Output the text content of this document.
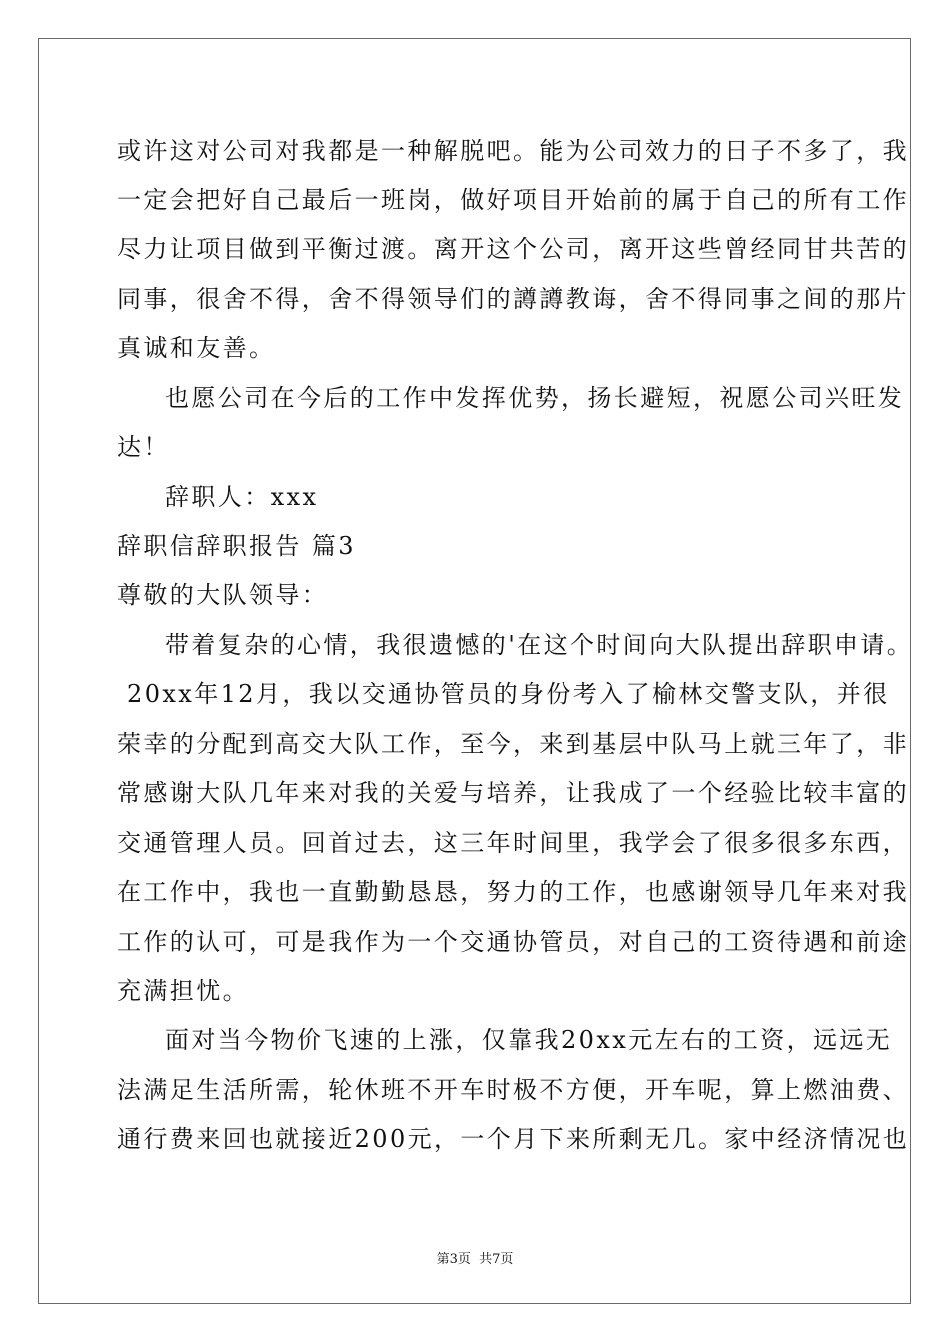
或许这对公司对我都是一种解脱吧。能为公司效力的日子不多了，我
一定会把好自己最后一班岗，做好项目开始前的属于自己的所有工作
尽力让项目做到平衡过渡。离开这个公司，离开这些曾经同甘共苦的
同事，很舍不得，舍不得领导们的譐譐教诲，舍不得同事之间的那片
真诚和友善。
也愿公司在今后的工作中发挥优势，扬长避短，祝愿公司兴旺发
达！
辞职人：xxx
辞职信辞职报告 篇3
尊敬的大队领导：
带着复杂的心情，我很遗憾的'在这个时间向大队提出辞职申请。
20xx年12月，我以交通协管员的身份考入了榆林交警支队，并很
荣幸的分配到高交大队工作，至今，来到基层中队马上就三年了，非
常感谢大队几年来对我的关爱与培养，让我成了一个经验比较丰富的
交通管理人员。回首过去，这三年时间里，我学会了很多很多东西，
在工作中，我也一直勤勤恳恳，努力的工作，也感谢领导几年来对我
工作的认可，可是我作为一个交通协管员，对自己的工资待遇和前途
充满担忧。
面对当今物价飞速的上涨，仅靠我20xx元左右的工资，远远无
法满足生活所需，轮休班不开车时极不方便，开车呢，算上燃油费、
通行费来回也就接近200元，一个月下来所剩无几。家中经济情况也
第3页  共7页
